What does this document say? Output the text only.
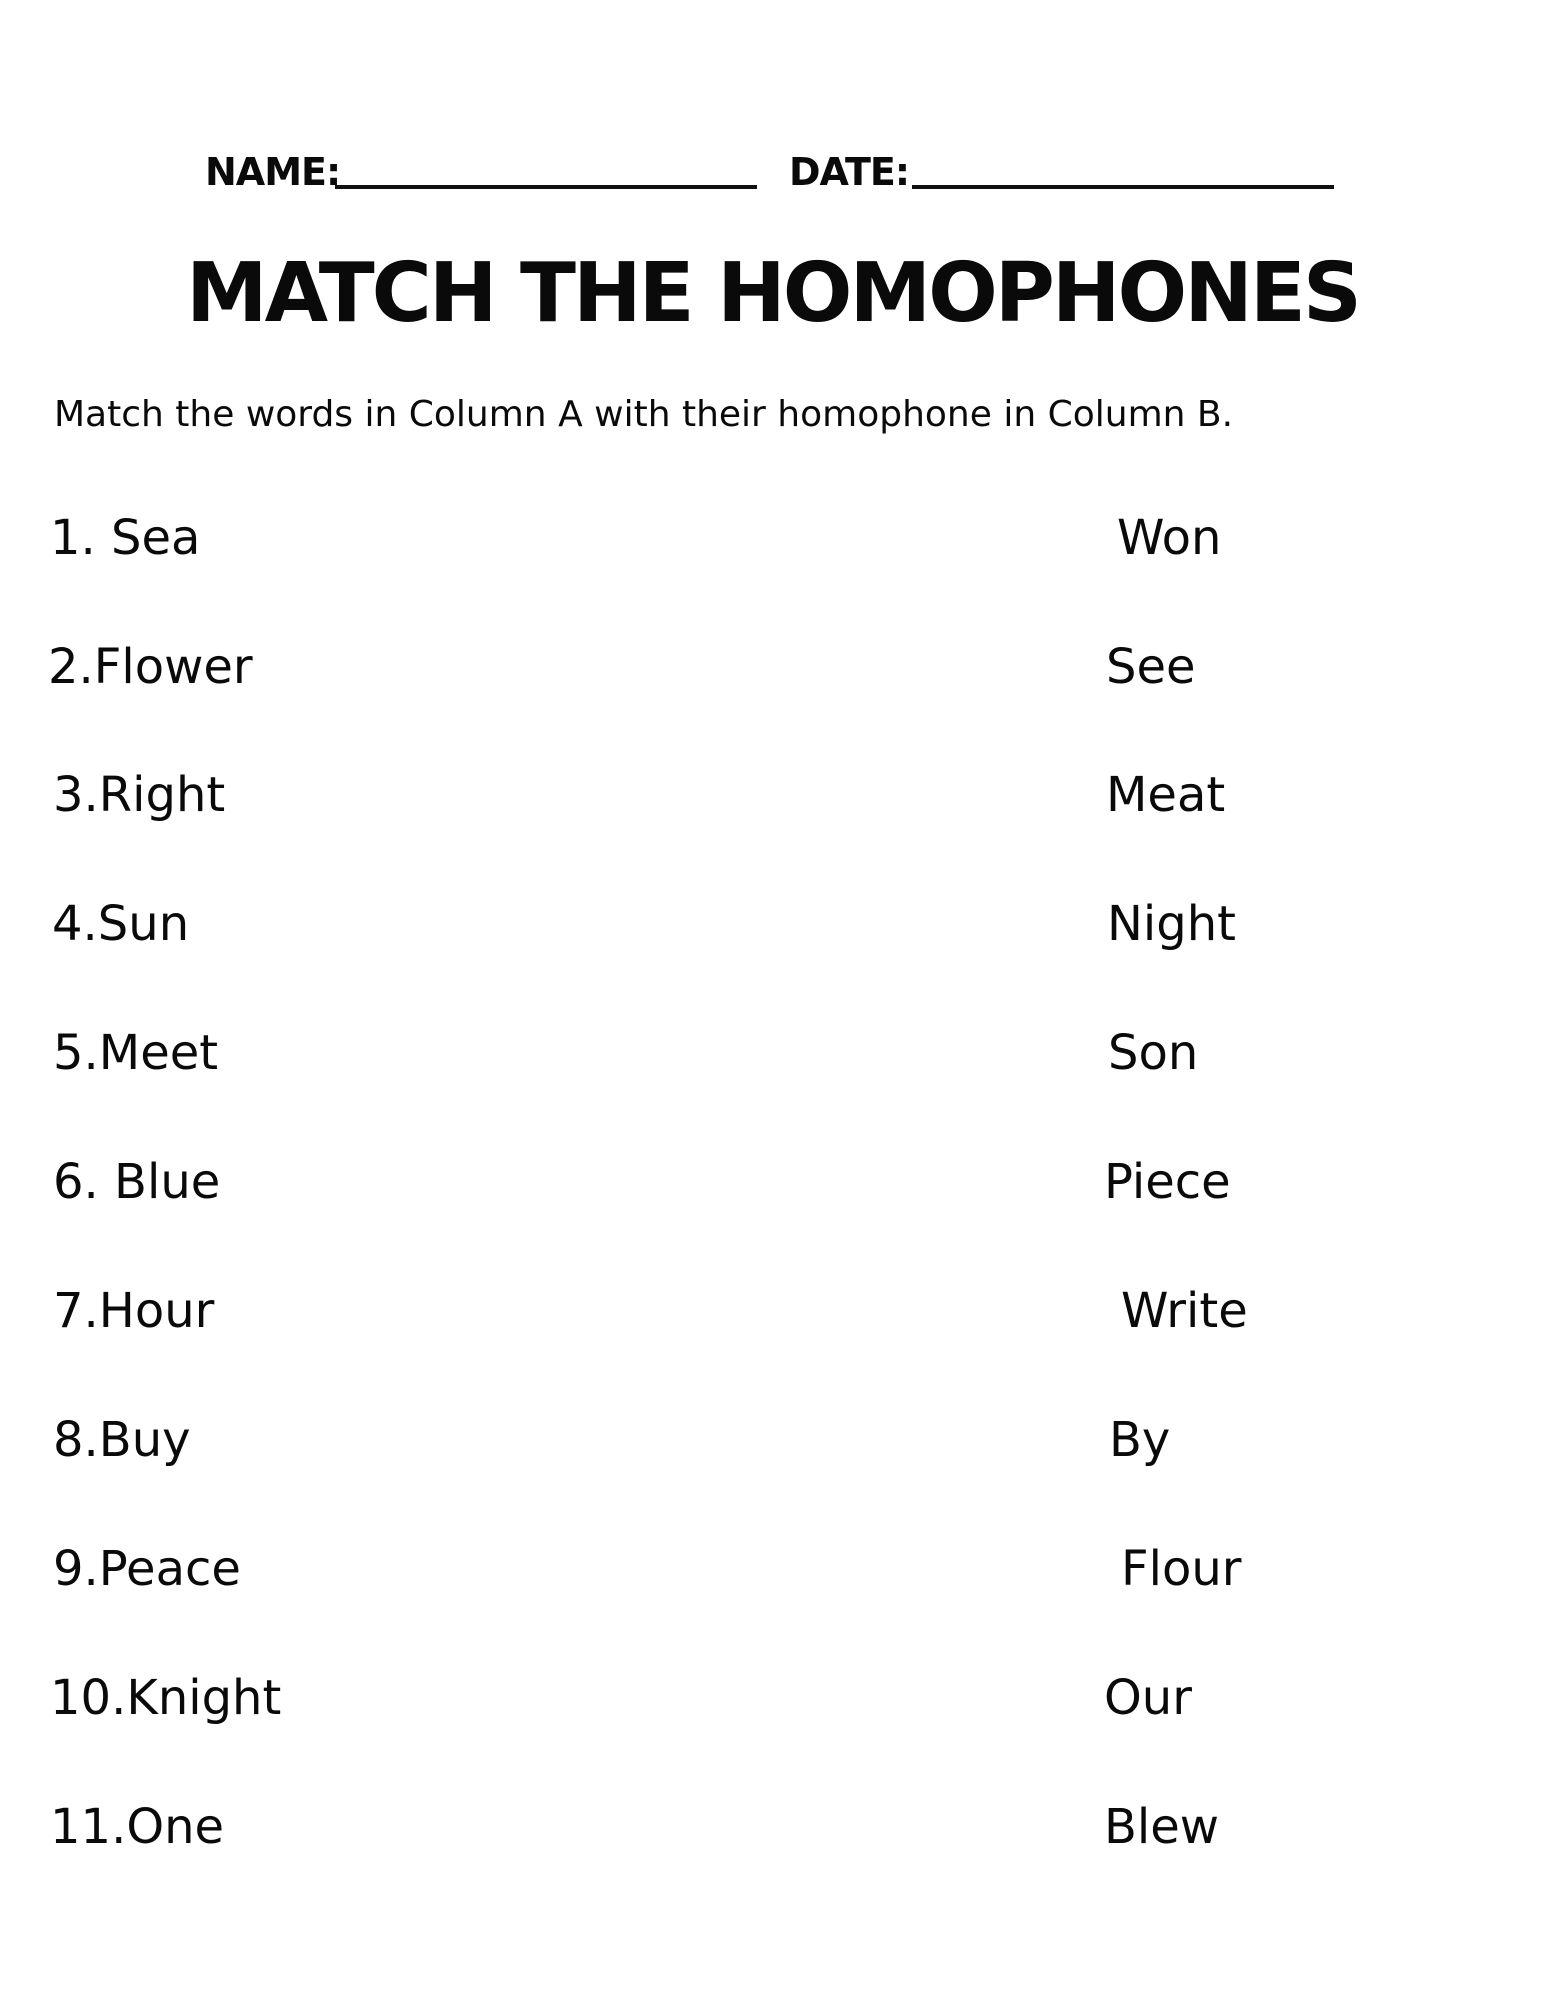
NAME:	DATE:
MATCH THE HOMOPHONES

Match the words in Column A with their homophone in Column B.

1. Sea
2.Flower
3.Right
4.Sun
5.Meet
6. Blue
7.Hour
8.Buy
9.Peace
10.Knight
11.One
Won
See
Meat
Night
Son
Piece
Write
By
Flour
Our
Blew
